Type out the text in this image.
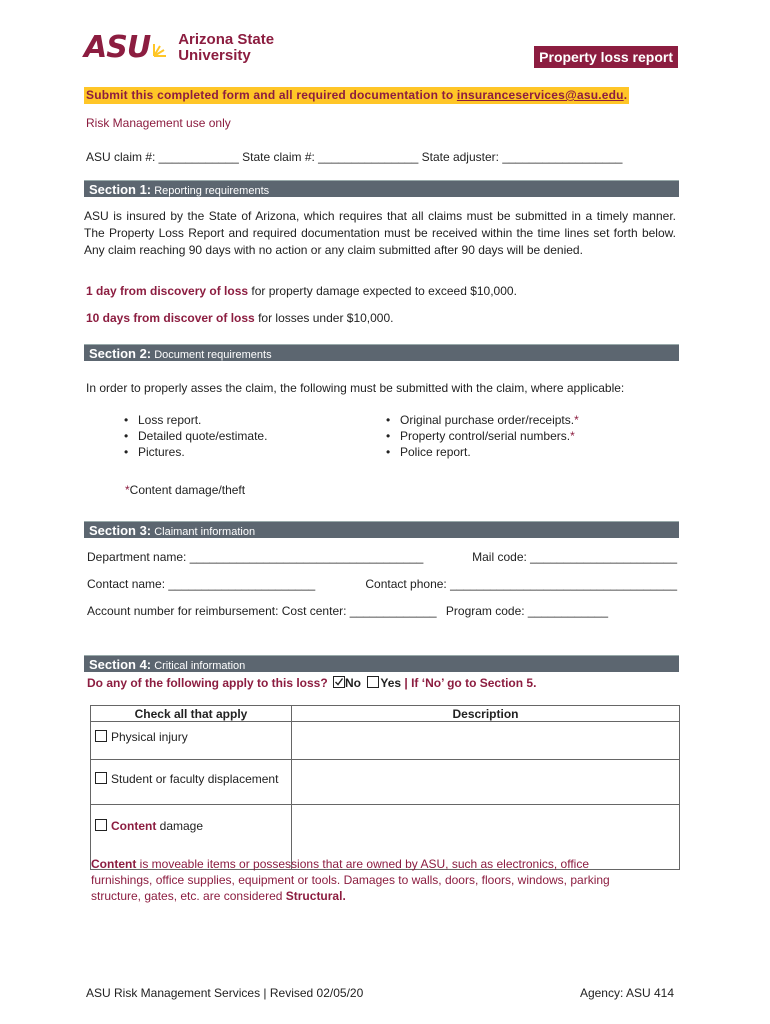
ASU Arizona State
University	Property loss report
Submit this completed form and all required documentation to insuranceservices@asu.edu.
Risk Management use only
ASU claim #: ____________ State claim #: _______________ State adjuster: __________________
Section 1: Reporting requirements
ASU is insured by the State of Arizona, which requires that all claims must be submitted in a timely manner. The Property Loss Report and required documentation must be received within the time lines set forth below. Any claim reaching 90 days with no action or any claim submitted after 90 days will be denied.
1 day from discovery of loss for property damage expected to exceed $10,000.
10 days from discover of loss for losses under $10,000.
Section 2: Document requirements
In order to properly asses the claim, the following must be submitted with the claim, where applicable:
• Loss report.
• Detailed quote/estimate.
• Pictures.
• Original purchase order/receipts.*
• Property control/serial numbers.*
• Police report.
*Content damage/theft
Section 3: Claimant information
Department name: ___________________________________	Mail code: ______________________
Contact name: ______________________	Contact phone: __________________________________
Account number for reimbursement: Cost center: _____________ Program code: ____________
Section 4: Critical information
Do any of the following apply to this loss? No Yes | If ‘No’ go to Section 5.
Check all that apply	Description
Physical injury	
Student or faculty displacement	
Content damage	
Content is moveable items or possessions that are owned by ASU, such as electronics, office furnishings, office supplies, equipment or tools. Damages to walls, doors, floors, windows, parking structure, gates, etc. are considered Structural.
ASU Risk Management Services | Revised 02/05/20	Agency: ASU 414
